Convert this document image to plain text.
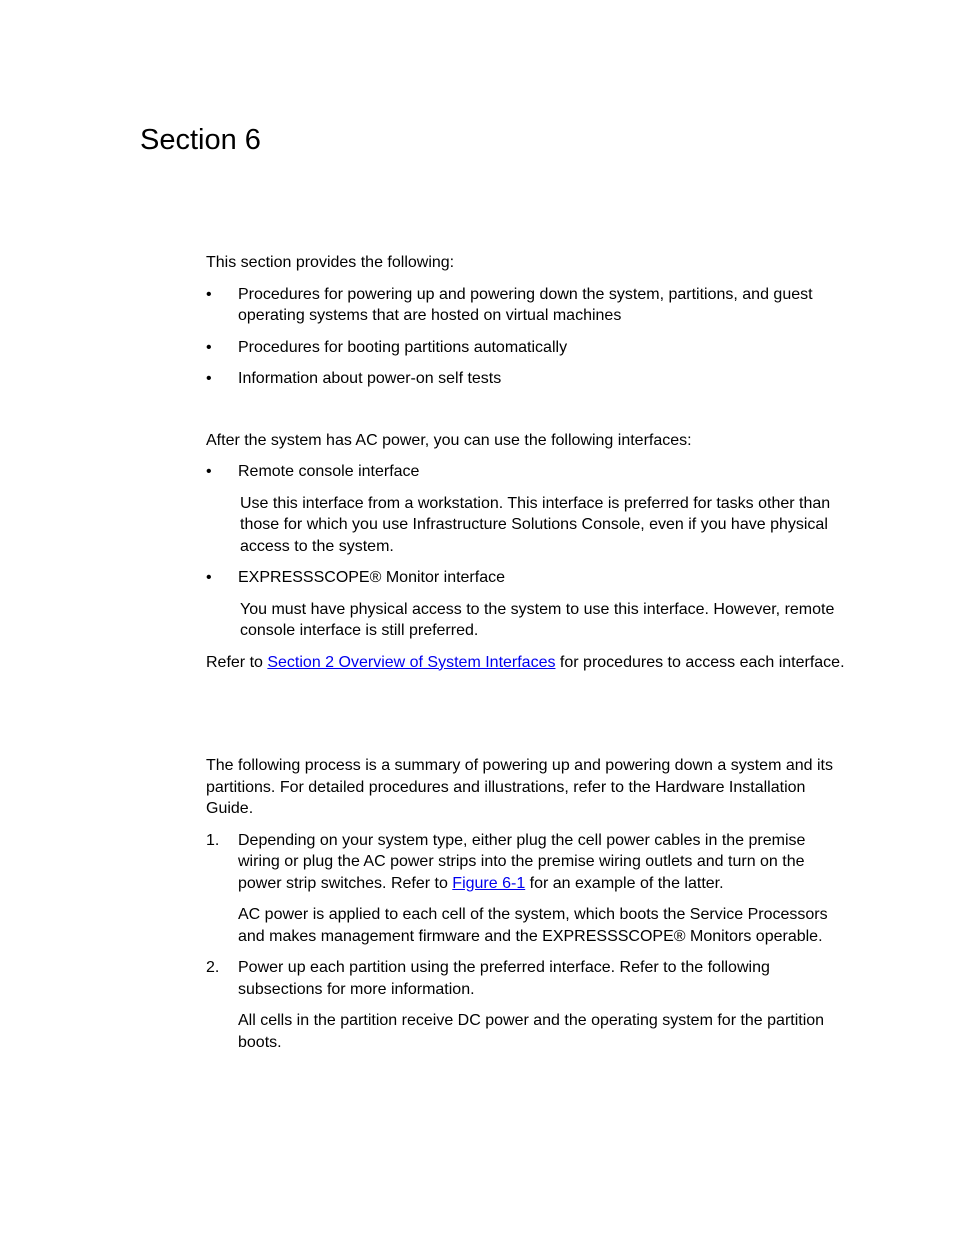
Section 6

This section provides the following:

• Procedures for powering up and powering down the system, partitions, and guest operating systems that are hosted on virtual machines
• Procedures for booting partitions automatically
• Information about power-on self tests

After the system has AC power, you can use the following interfaces:

• Remote console interface

Use this interface from a workstation. This interface is preferred for tasks other than those for which you use Infrastructure Solutions Console, even if you have physical access to the system.

• EXPRESSSCOPE® Monitor interface

You must have physical access to the system to use this interface. However, remote console interface is still preferred.

Refer to Section 2 Overview of System Interfaces for procedures to access each interface.

The following process is a summary of powering up and powering down a system and its partitions. For detailed procedures and illustrations, refer to the Hardware Installation Guide.

1. Depending on your system type, either plug the cell power cables in the premise wiring or plug the AC power strips into the premise wiring outlets and turn on the power strip switches. Refer to Figure 6-1 for an example of the latter.

AC power is applied to each cell of the system, which boots the Service Processors and makes management firmware and the EXPRESSSCOPE® Monitors operable.

2. Power up each partition using the preferred interface. Refer to the following subsections for more information.

All cells in the partition receive DC power and the operating system for the partition boots.
